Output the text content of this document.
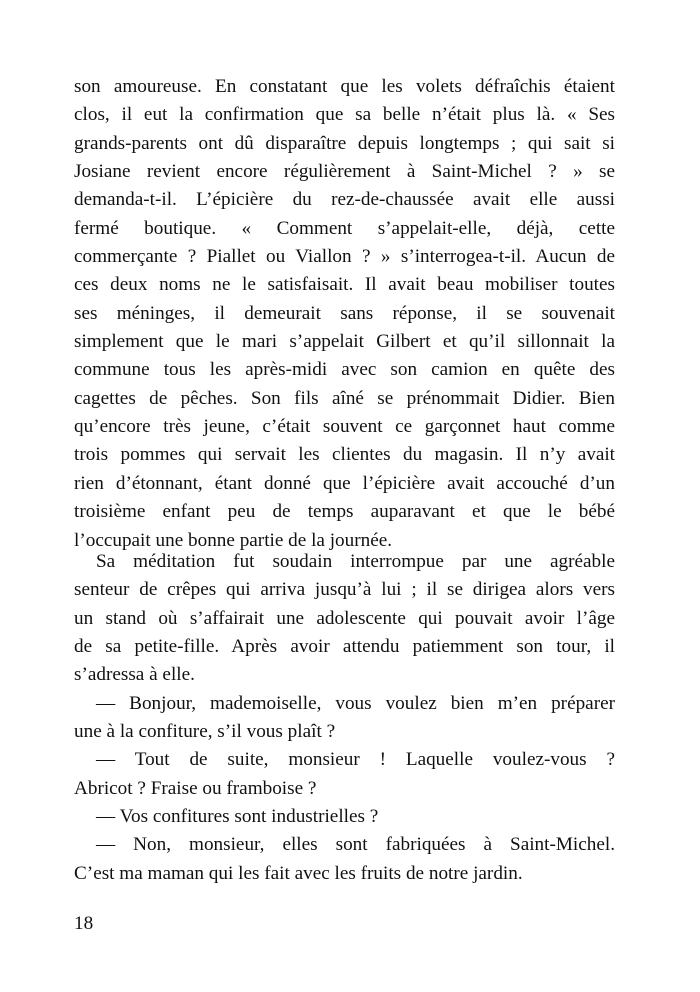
son amoureuse. En constatant que les volets défraîchis étaient
clos, il eut la confirmation que sa belle n’était plus là. « Ses
grands-parents ont dû disparaître depuis longtemps ; qui sait si
Josiane revient encore régulièrement à Saint-Michel ? » se
demanda-t-il. L’épicière du rez-de-chaussée avait elle aussi
fermé boutique. « Comment s’appelait-elle, déjà, cette
commerçante ? Piallet ou Viallon ? » s’interrogea-t-il. Aucun de
ces deux noms ne le satisfaisait. Il avait beau mobiliser toutes
ses méninges, il demeurait sans réponse, il se souvenait
simplement que le mari s’appelait Gilbert et qu’il sillonnait la
commune tous les après-midi avec son camion en quête des
cagettes de pêches. Son fils aîné se prénommait Didier. Bien
qu’encore très jeune, c’était souvent ce garçonnet haut comme
trois pommes qui servait les clientes du magasin. Il n’y avait
rien d’étonnant, étant donné que l’épicière avait accouché d’un
troisième enfant peu de temps auparavant et que le bébé
l’occupait une bonne partie de la journée.
Sa méditation fut soudain interrompue par une agréable
senteur de crêpes qui arriva jusqu’à lui ; il se dirigea alors vers
un stand où s’affairait une adolescente qui pouvait avoir l’âge
de sa petite-fille. Après avoir attendu patiemment son tour, il
s’adressa à elle.
— Bonjour, mademoiselle, vous voulez bien m’en préparer
une à la confiture, s’il vous plaît ?
— Tout de suite, monsieur ! Laquelle voulez-vous ?
Abricot ? Fraise ou framboise ?
— Vos confitures sont industrielles ?
— Non, monsieur, elles sont fabriquées à Saint-Michel.
C’est ma maman qui les fait avec les fruits de notre jardin.
18
